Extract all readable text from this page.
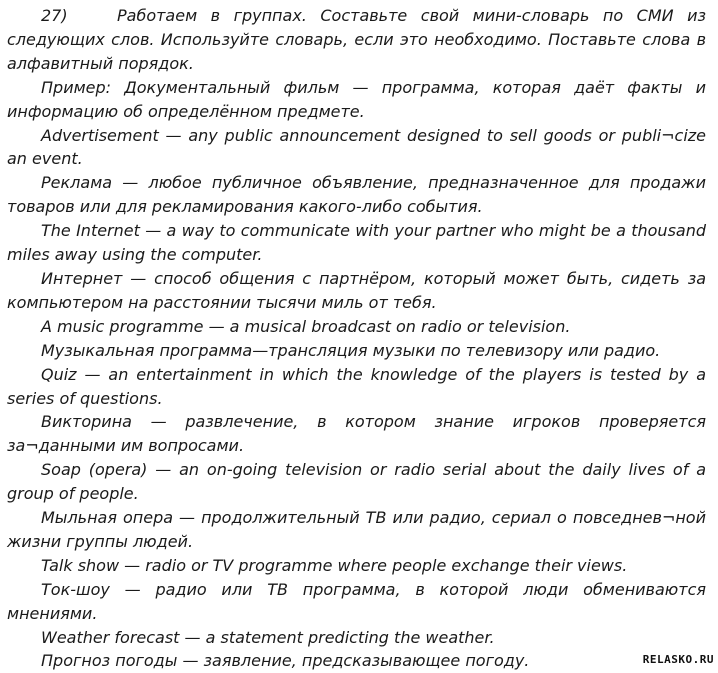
27)	Работаем в группах. Составьте свой мини-словарь по СМИ из следующих слов. Используйте словарь, если это необходимо. Поставьте слова в алфавитный порядок.

Пример: Документальный фильм — программа, которая даёт факты и информацию об определённом предмете.

Advertisement — any public announcement designed to sell goods or publi¬cize an event.

Реклама — любое публичное объявление, предназначенное для продажи товаров или для рекламирования какого-либо события.

The Internet — a way to communicate with your partner who might be a thousand miles away using the computer.

Интернет — способ общения с партнёром, который может быть, сидеть за компьютером на расстоянии тысячи миль от тебя.

A music programme — a musical broadcast on radio or television.

Музыкальная программа—трансляция музыки по телевизору или радио.

Quiz — an entertainment in which the knowledge of the players is tested by a series of questions.

Викторина — развлечение, в котором знание игроков проверяется за¬данными им вопросами.

Soap (opera) — an on-going television or radio serial about the daily lives of a group of people.

Мыльная опера — продолжительный ТВ или радио, сериал о повседнев¬ной жизни группы людей.

Talk show — radio or TV programme where people exchange their views.

Ток-шоу — радио или ТВ программа, в которой люди обмениваются мнениями.

Weather forecast — a statement predicting the weather.

Прогноз погоды — заявление, предсказывающее погоду.	RELASKO.RU
